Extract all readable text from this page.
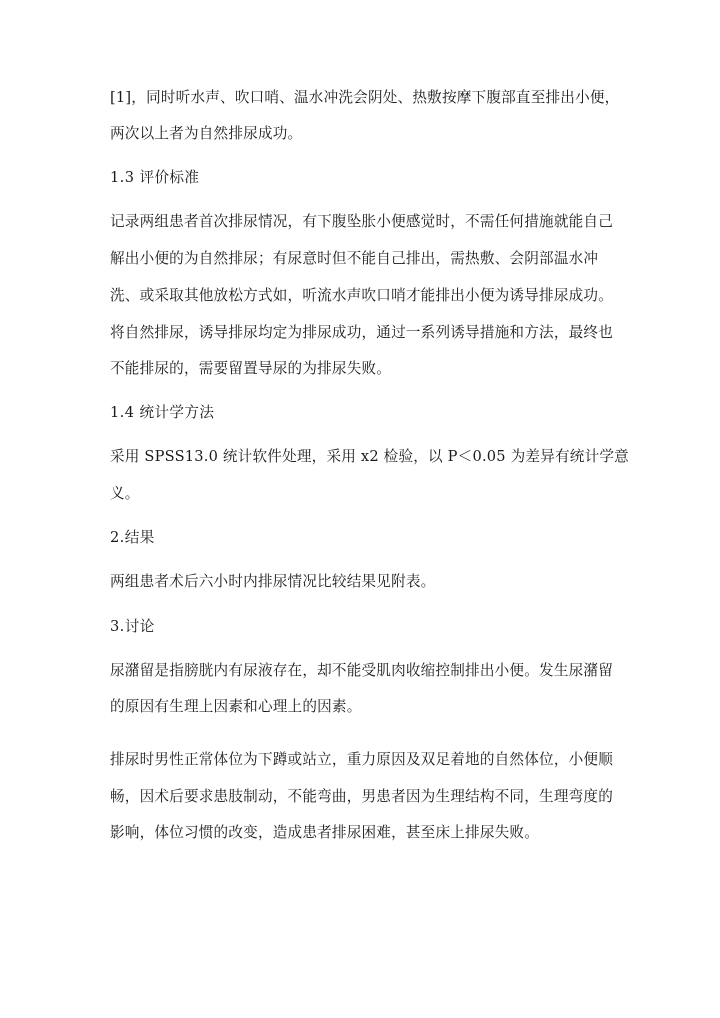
[1]，同时听水声、吹口哨、温水冲洗会阴处、热敷按摩下腹部直至排出小便，
两次以上者为自然排尿成功。
1.3 评价标准
记录两组患者首次排尿情况，有下腹坠胀小便感觉时，不需任何措施就能自己
解出小便的为自然排尿；有尿意时但不能自己排出，需热敷、会阴部温水冲
洗、或采取其他放松方式如，听流水声吹口哨才能排出小便为诱导排尿成功。
将自然排尿，诱导排尿均定为排尿成功，通过一系列诱导措施和方法，最终也
不能排尿的，需要留置导尿的为排尿失败。
1.4 统计学方法
采用 SPSS13.0 统计软件处理，采用 x2 检验，以 P＜0.05 为差异有统计学意
义。
2.结果
两组患者术后六小时内排尿情况比较结果见附表。
3.讨论
尿潴留是指膀胱内有尿液存在，却不能受肌肉收缩控制排出小便。发生尿潴留
的原因有生理上因素和心理上的因素。
排尿时男性正常体位为下蹲或站立，重力原因及双足着地的自然体位，小便顺
畅，因术后要求患肢制动，不能弯曲，男患者因为生理结构不同，生理弯度的
影响，体位习惯的改变，造成患者排尿困难，甚至床上排尿失败。
